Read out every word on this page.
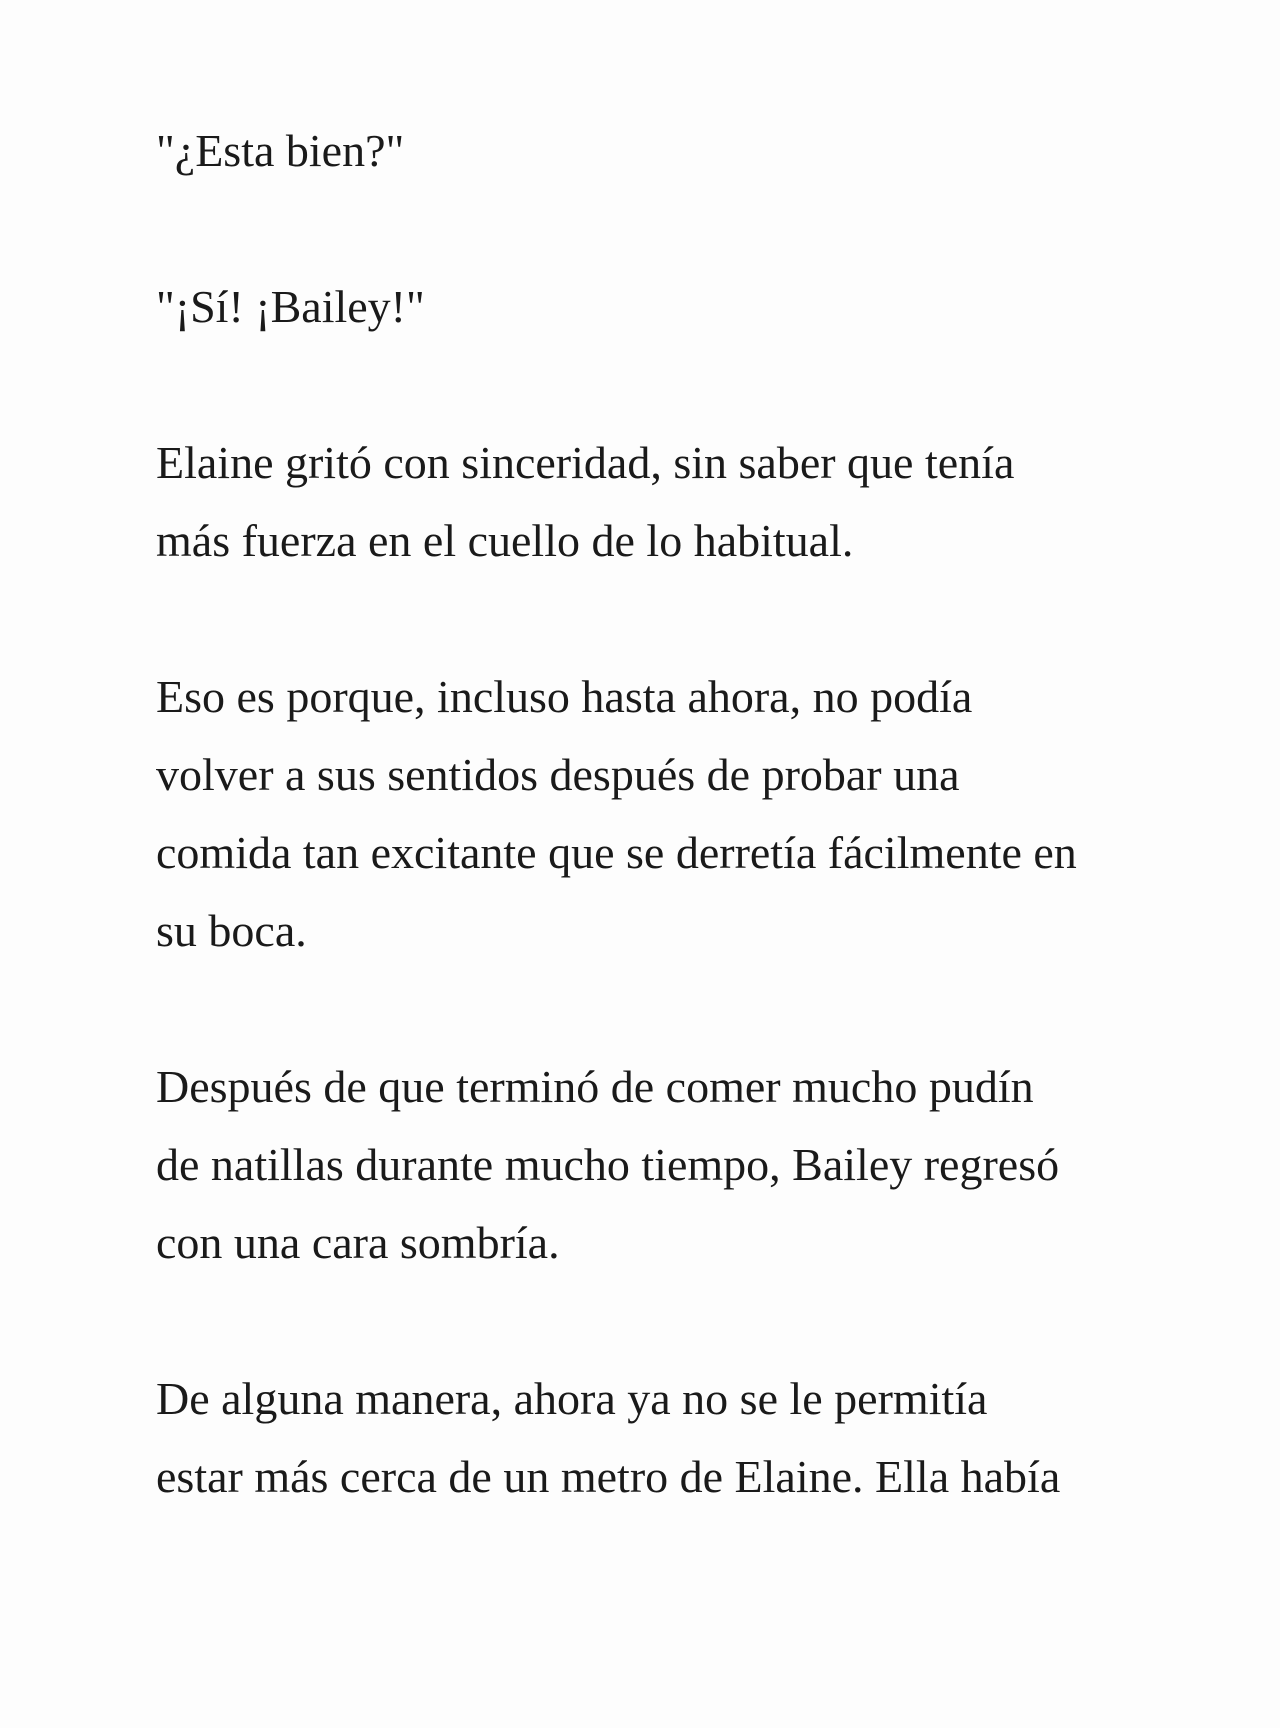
"¿Esta bien?"

"¡Sí! ¡Bailey!"

Elaine gritó con sinceridad, sin saber que tenía
más fuerza en el cuello de lo habitual.

Eso es porque, incluso hasta ahora, no podía
volver a sus sentidos después de probar una
comida tan excitante que se derretía fácilmente en
su boca.

Después de que terminó de comer mucho pudín
de natillas durante mucho tiempo, Bailey regresó
con una cara sombría.

De alguna manera, ahora ya no se le permitía
estar más cerca de un metro de Elaine. Ella había
